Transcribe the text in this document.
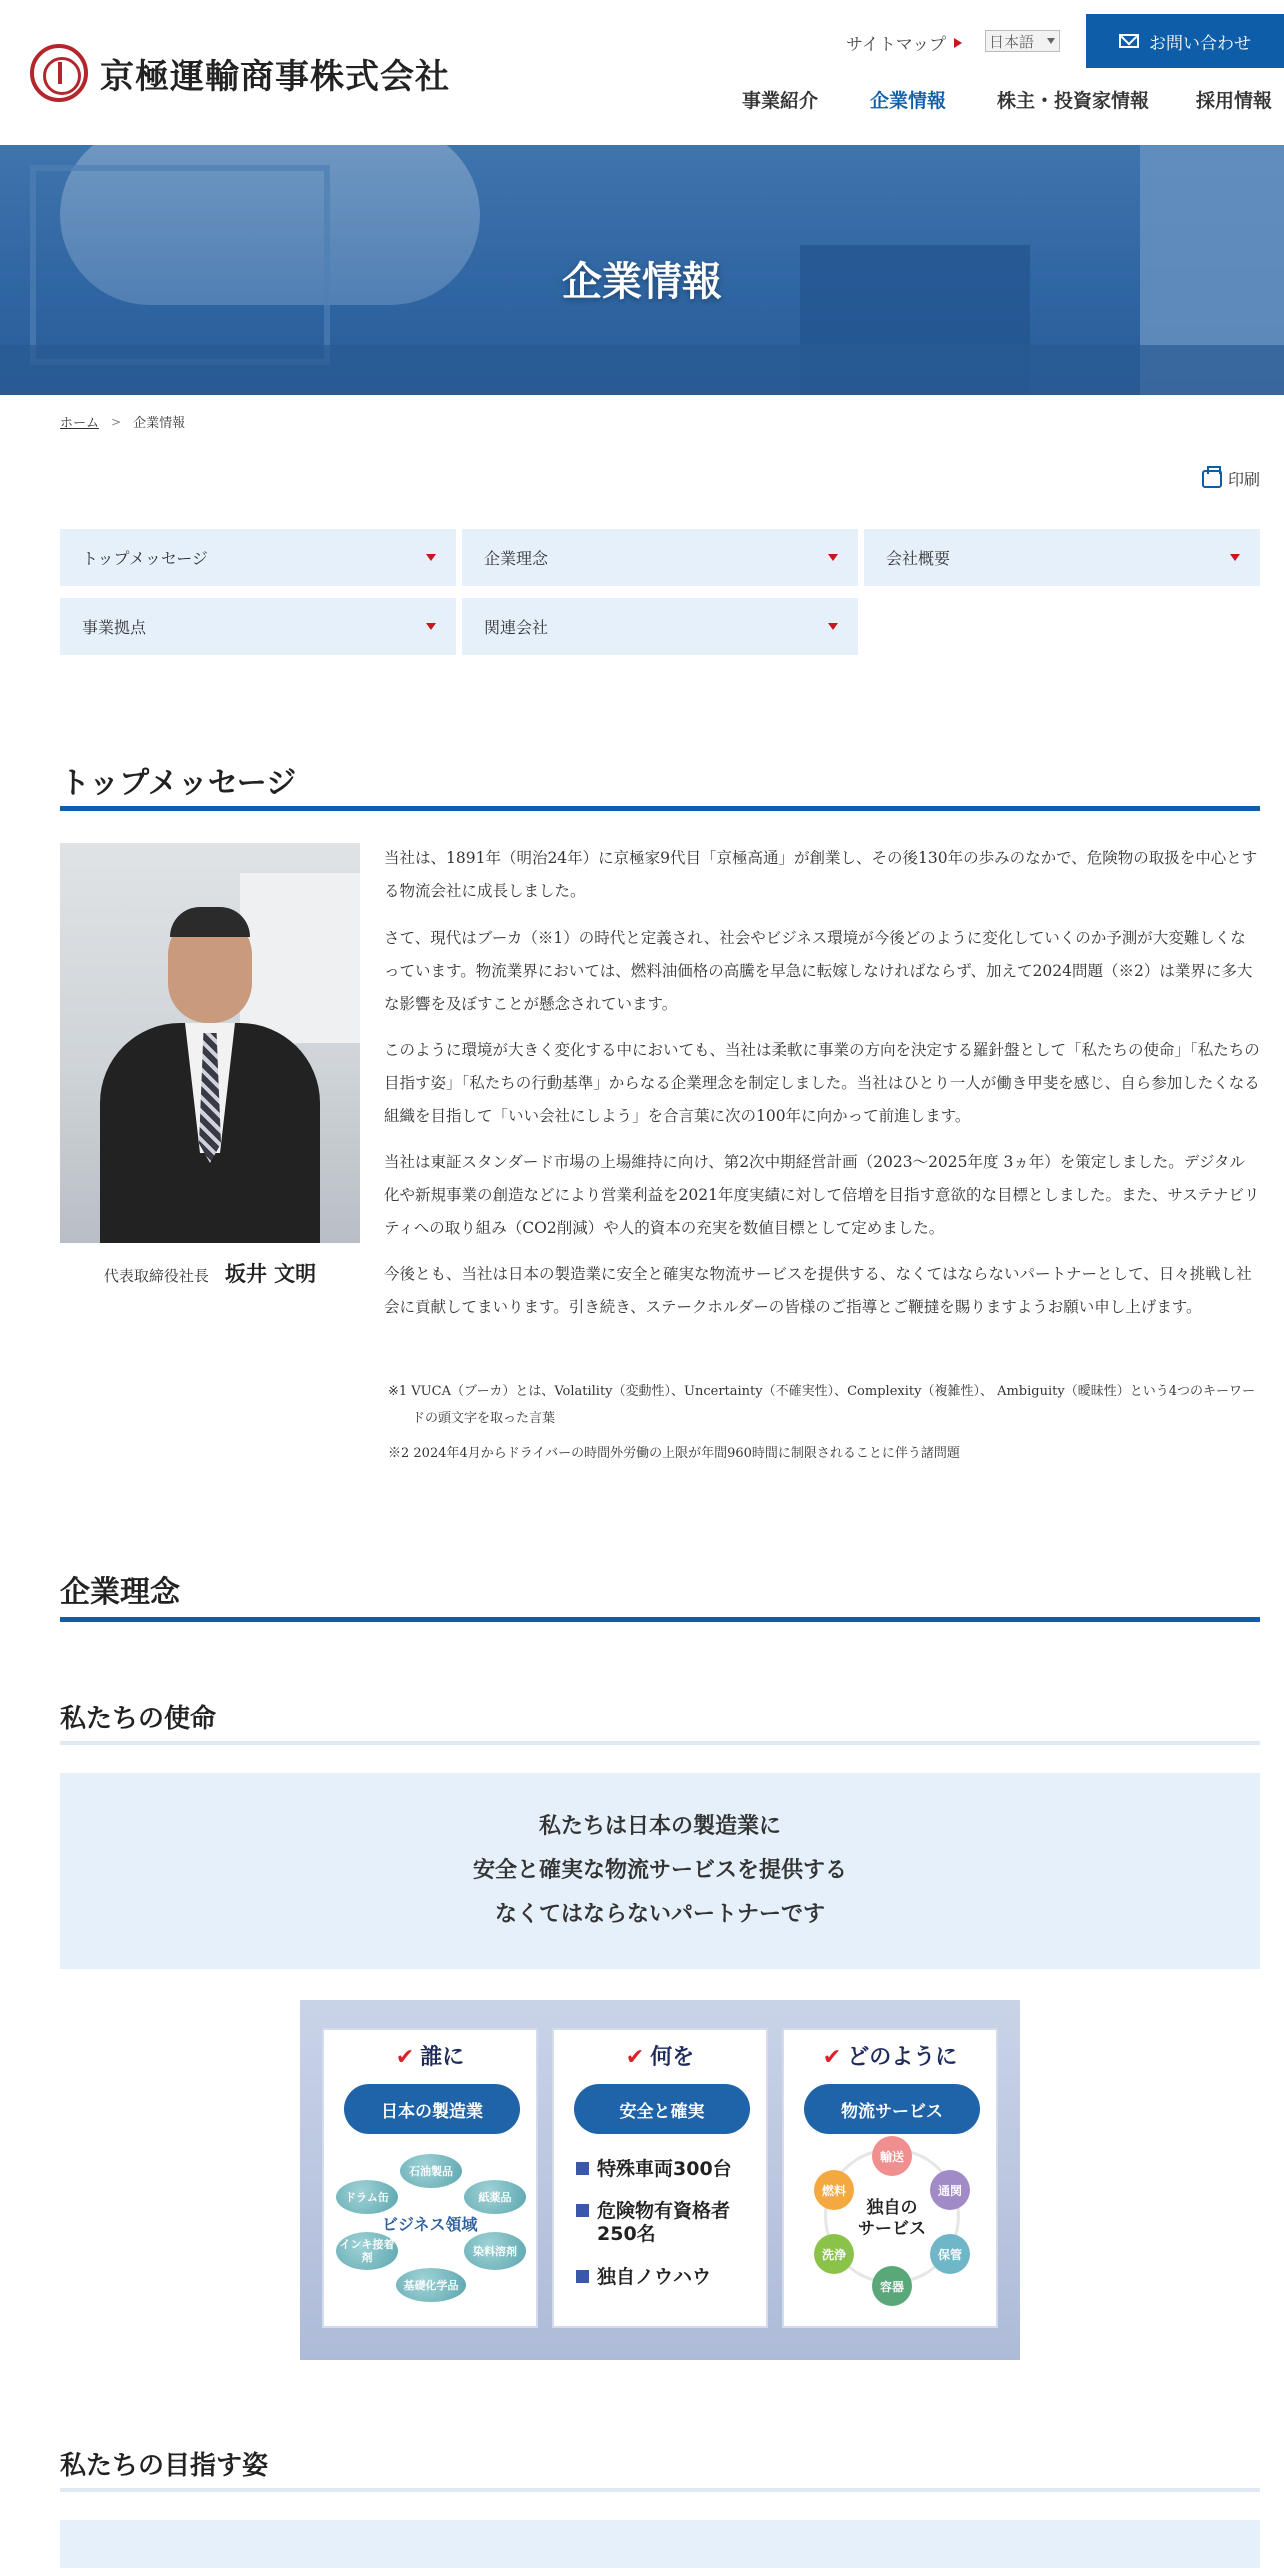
京極運輸商事株式会社
サイトマップ	日本語	お問い合わせ
事業紹介	企業情報	株主・投資家情報 採用情報
企業情報
ホーム > 企業情報
印刷
トップメッセージ	企業理念	会社概要
事業拠点	関連会社
トップメッセージ
代表取締役社長 坂井 文明

当社は、1891年（明治24年）に京極家9代目「京極高通」が創業し、その後130年の歩みのなかで、危険物の取扱を中心とする物流会社に成長しました。

さて、現代はブーカ（※1）の時代と定義され、社会やビジネス環境が今後どのように変化していくのか予測が大変難しくなっています。物流業界においては、燃料油価格の高騰を早急に転嫁しなければならず、加えて2024問題（※2）は業界に多大な影響を及ぼすことが懸念されています。

このように環境が大きく変化する中においても、当社は柔軟に事業の方向を決定する羅針盤として「私たちの使命」「私たちの目指す姿」「私たちの行動基準」からなる企業理念を制定しました。当社はひとり一人が働き甲斐を感じ、自ら参加したくなる組織を目指して「いい会社にしよう」を合言葉に次の100年に向かって前進します。

当社は東証スタンダード市場の上場維持に向け、第2次中期経営計画（2023～2025年度 3ヵ年）を策定しました。デジタル化や新規事業の創造などにより営業利益を2021年度実績に対して倍増を目指す意欲的な目標としました。また、サステナビリティへの取り組み（CO2削減）や人的資本の充実を数値目標として定めました。

今後とも、当社は日本の製造業に安全と確実な物流サービスを提供する、なくてはならないパートナーとして、日々挑戦し社会に貢献してまいります。引き続き、ステークホルダーの皆様のご指導とご鞭撻を賜りますようお願い申し上げます。

※1 VUCA（ブーカ）とは、Volatility（変動性）、Uncertainty（不確実性）、Complexity（複雑性）、 Ambiguity（曖昧性）という4つのキーワードの頭文字を取った言葉

※2 2024年4月からドライバーの時間外労働の上限が年間960時間に制限されることに伴う諸問題

企業理念
私たちの使命
私たちは日本の製造業に
安全と確実な物流サービスを提供する
なくてはならないパートナーです
✔ 誰に
日本の製造業
石油製品
ドラム缶	紙薬品
ビジネス領域
インキ接着剤	染料溶剤
基礎化学品
✔ 何を
安全と確実
特殊車両300台
危険物有資格者250名
独自ノウハウ
✔ どのように
物流サービス
独自の
サービス
輸送
通関
保管
容器
洗浄
燃料
私たちの目指す姿
